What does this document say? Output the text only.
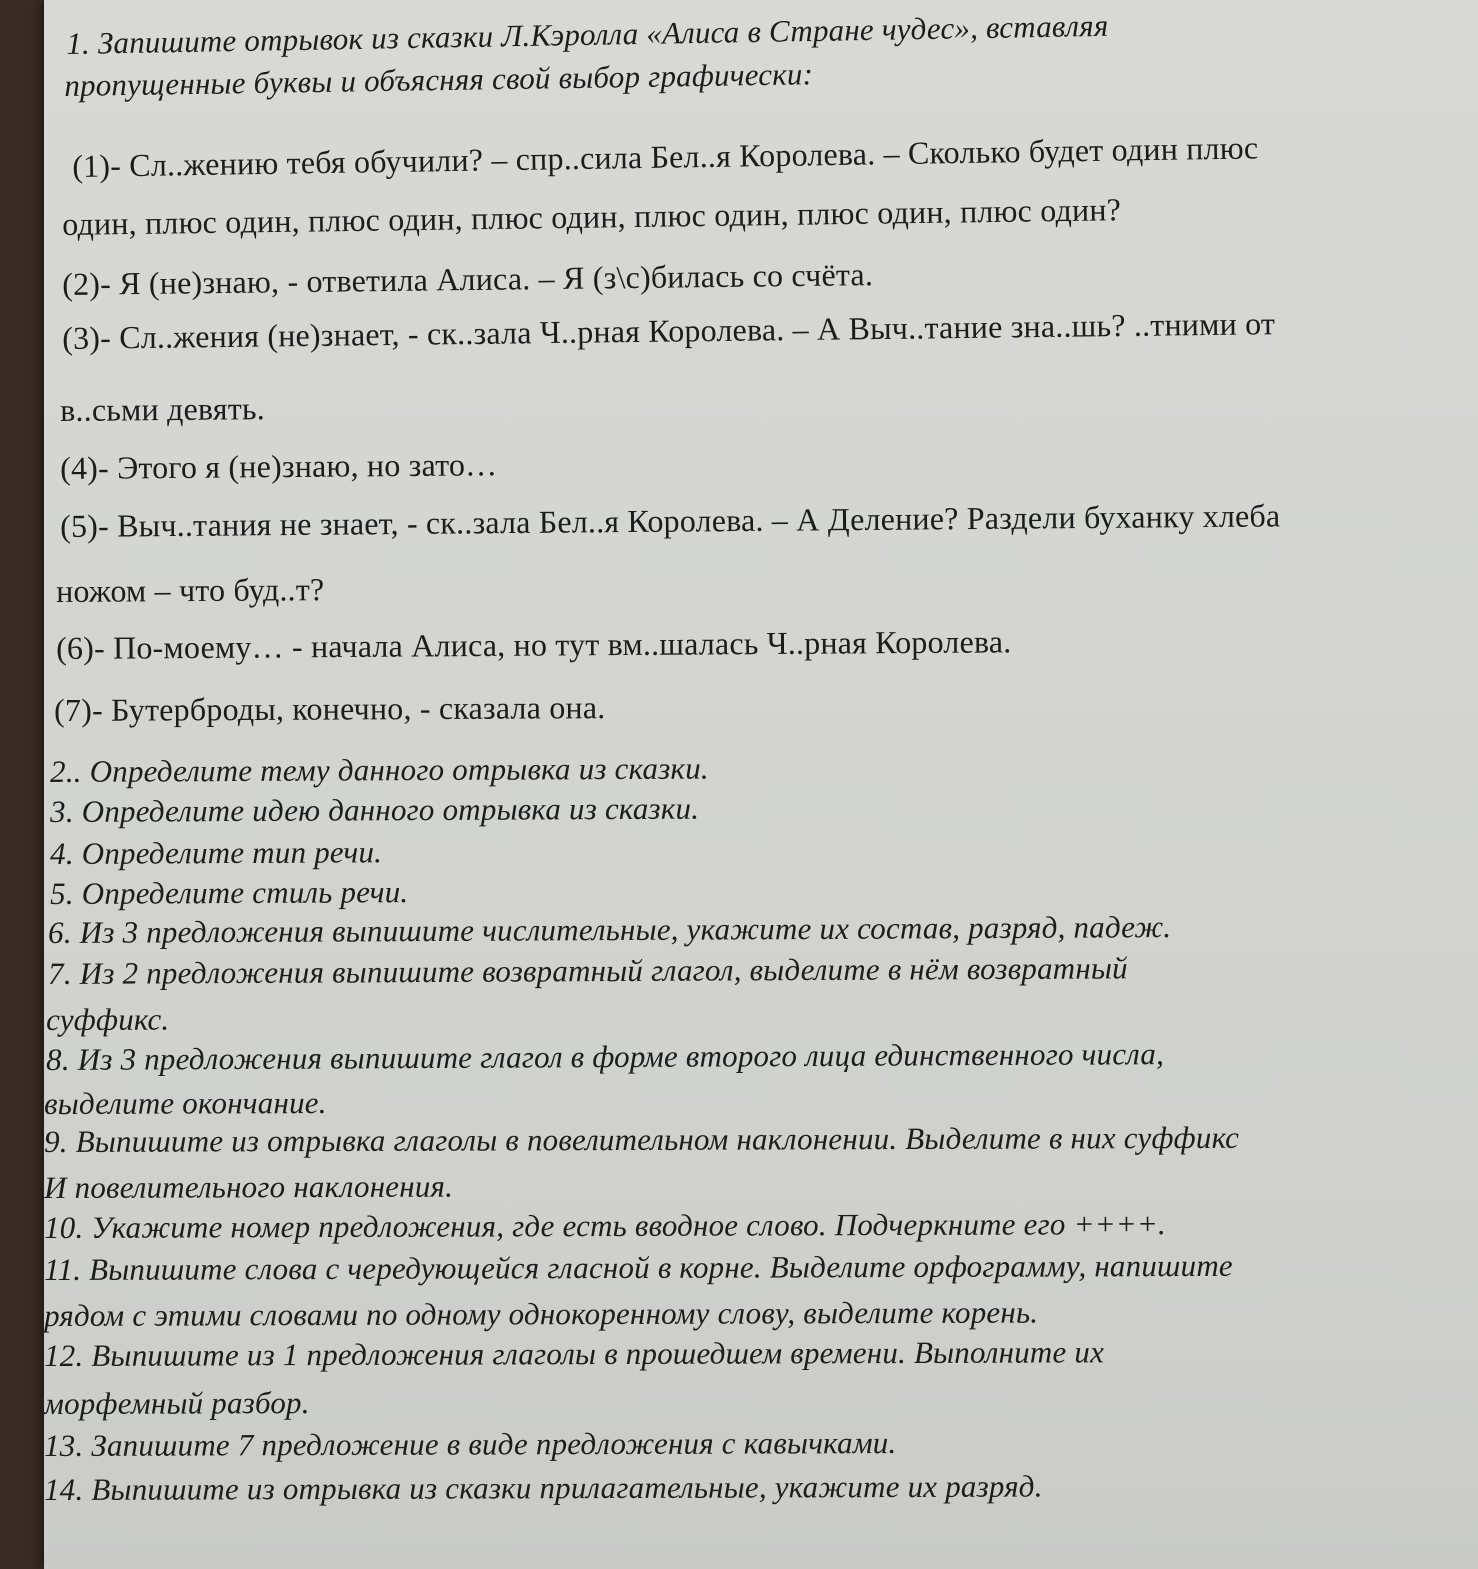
1. Запишите отрывок из сказки Л.Кэролла «Алиса в Стране чудес», вставляя
пропущенные буквы и объясняя свой выбор графически:
(1)- Сл..жению тебя обучили? – спр..сила Бел..я Королева. – Сколько будет один плюс
один, плюс один, плюс один, плюс один, плюс один, плюс один, плюс один?
(2)- Я (не)знаю, - ответила Алиса. – Я (з\с)билась со счёта.
(3)- Сл..жения (не)знает, - ск..зала Ч..рная Королева. – А Выч..тание зна..шь? ..тними от
в..сьми девять.
(4)- Этого я (не)знаю, но зато…
(5)- Выч..тания не знает, - ск..зала Бел..я Королева. – А Деление? Раздели буханку хлеба
ножом – что буд..т?
(6)- По-моему… - начала Алиса, но тут вм..шалась Ч..рная Королева.
(7)- Бутерброды, конечно, - сказала она.
2.. Определите тему данного отрывка из сказки.
3. Определите идею данного отрывка из сказки.
4. Определите тип речи.
5. Определите стиль речи.
6. Из 3 предложения выпишите числительные, укажите их состав, разряд, падеж.
7. Из 2 предложения выпишите возвратный глагол, выделите в нём возвратный
суффикс.
8. Из 3 предложения выпишите глагол в форме второго лица единственного числа,
выделите окончание.
9. Выпишите из отрывка глаголы в повелительном наклонении. Выделите в них суффикс
И повелительного наклонения.
10. Укажите номер предложения, где есть вводное слово. Подчеркните его ++++.
11. Выпишите слова с чередующейся гласной в корне. Выделите орфограмму, напишите
рядом с этими словами по одному однокоренному слову, выделите корень.
12. Выпишите из 1 предложения глаголы в прошедшем времени. Выполните их
морфемный разбор.
13. Запишите 7 предложение в виде предложения с кавычками.
14. Выпишите из отрывка из сказки прилагательные, укажите их разряд.
